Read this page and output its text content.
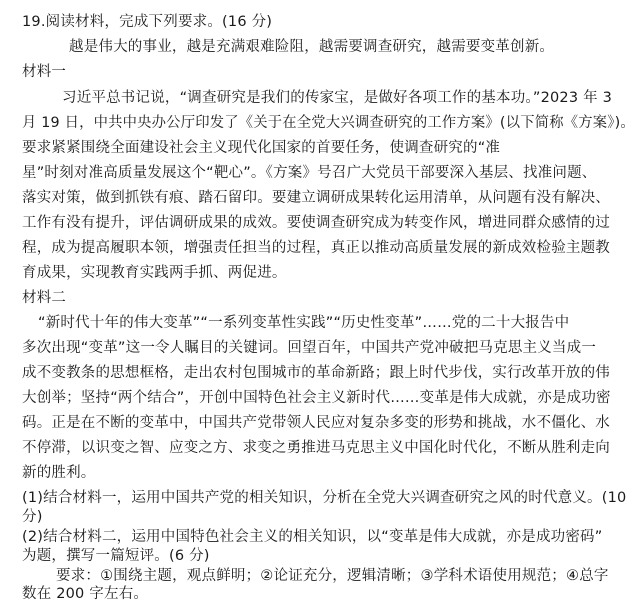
19.阅读材料，完成下列要求。(16 分)
越是伟大的事业，越是充满艰难险阻，越需要调查研究，越需要变革创新。
材料一
习近平总书记说，“调查研究是我们的传家宝，是做好各项工作的基本功。”2023 年 3
月 19 日，中共中央办公厅印发了《关于在全党大兴调查研究的工作方案》(以下简称《方案》)。
要求紧紧围绕全面建设社会主义现代化国家的首要任务，使调查研究的“准
星”时刻对准高质量发展这个“靶心”。《方案》号召广大党员干部要深入基层、找准问题、
落实对策，做到抓铁有痕、踏石留印。要建立调研成果转化运用清单，从问题有没有解决、
工作有没有提升，评估调研成果的成效。要使调查研究成为转变作风，增进同群众感情的过
程，成为提高履职本领，增强责任担当的过程，真正以推动高质量发展的新成效检验主题教
育成果，实现教育实践两手抓、两促进。
材料二
“新时代十年的伟大变革”“一系列变革性实践”“历史性变革”……党的二十大报告中
多次出现“变革”这一令人瞩目的关键词。回望百年，中国共产党冲破把马克思主义当成一
成不变教条的思想框格，走出农村包围城市的革命新路；跟上时代步伐，实行改革开放的伟
大创举；坚持“两个结合”，开创中国特色社会主义新时代……变革是伟大成就，亦是成功密
码。正是在不断的变革中，中国共产党带领人民应对复杂多变的形势和挑战，水不僵化、水
不停滞，以识变之智、应变之方、求变之勇推进马克思主义中国化时代化，不断从胜利走向
新的胜利。
(1)结合材料一，运用中国共产党的相关知识，分析在全党大兴调查研究之风的时代意义。(10
分)
(2)结合材料二，运用中国特色社会主义的相关知识，以“变革是伟大成就，亦是成功密码”
为题，撰写一篇短评。(6 分)
要求：①围绕主题，观点鲜明；②论证充分，逻辑清晰；③学科术语使用规范；④总字
数在 200 字左右。
